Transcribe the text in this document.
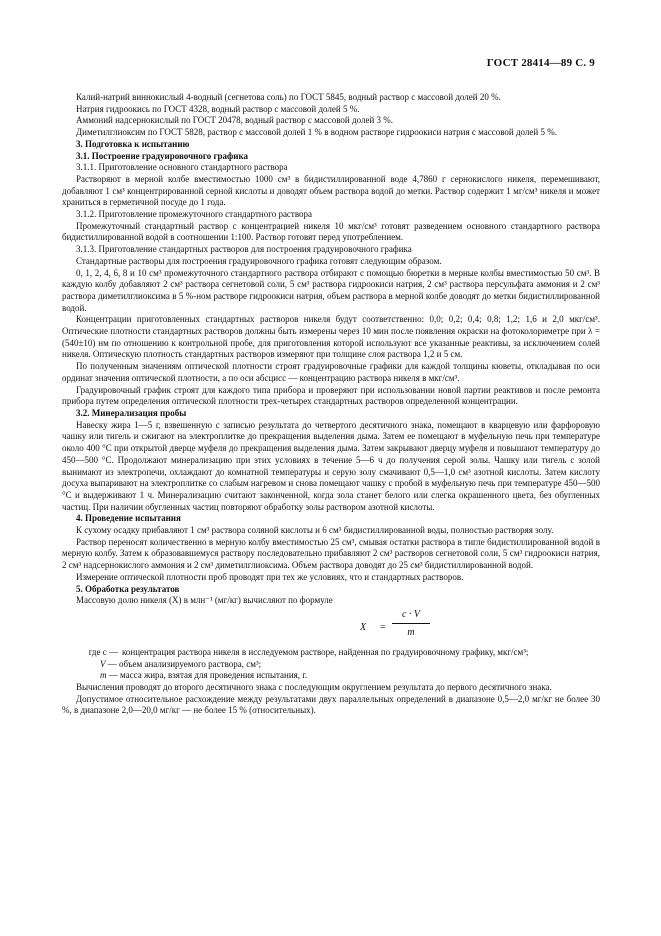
ГОСТ 28414—89 С. 9

Калий-натрий виннокислый 4-водный (сегнетова соль) по ГОСТ 5845, водный раствор с массовой долей 20 %.

Натрия гидроокись по ГОСТ 4328, водный раствор с массовой долей 5 %.

Аммоний надсернокислый по ГОСТ 20478, водный раствор с массовой долей 3 %.

Диметилглиоксим по ГОСТ 5828, раствор с массовой долей 1 % в водном растворе гидроокиси натрия с массовой долей 5 %.

3. Подготовка к испытанию

3.1. Построение градуировочного графика

3.1.1. Приготовление основного стандартного раствора

Растворяют в мерной колбе вместимостью 1000 см³ в бидистиллированной воде 4,7860 г сернокислого никеля, перемешивают, добавляют 1 см³ концентрированной серной кислоты и доводят объем раствора водой до метки. Раствор содержит 1 мг/см³ никеля и может храниться в герметичной посуде до 1 года.

3.1.2. Приготовление промежуточного стандартного раствора

Промежуточный стандартный раствор с концентрацией никеля 10 мкг/см³ готовят разведением основного стандартного раствора бидистиллированной водой в соотношении 1:100. Раствор готовят перед употреблением.

3.1.3. Приготовление стандартных растворов для построения градуировочного графика

Стандартные растворы для построения градуировочного графика готовят следующим образом.

0, 1, 2, 4, 6, 8 и 10 см³ промежуточного стандартного раствора отбирают с помощью бюретки в мерные колбы вместимостью 50 см³. В каждую колбу добавляют 2 см³ раствора сегнетовой соли, 5 см³ раствора гидроокиси натрия, 2 см³ раствора персульфата аммония и 2 см³ раствора диметилглиоксима в 5 %-ном растворе гидроокиси натрия, объем раствора в мерной колбе доводят до метки бидистиллированной водой.

Концентрации приготовленных стандартных растворов никеля будут соответственно: 0,0; 0,2; 0,4; 0,8; 1,2; 1,6 и 2,0 мкг/см³. Оптические плотности стандартных растворов должны быть измерены через 10 мин после появления окраски на фотоколориметре при λ =(540±10) нм по отношению к контрольной пробе, для приготовления которой используют все указанные реактивы, за исключением солей никеля. Оптическую плотность стандартных растворов измеряют при толщине слоя раствора 1,2 и 5 см.

По полученным значениям оптической плотности строят градуировочные графики для каждой толщины кюветы, откладывая по оси ординат значения оптической плотности, а по оси абсцисс — концентрацию раствора никеля в мкг/см³.

Градуировочный график строят для каждого типа прибора и проверяют при использовании новой партии реактивов и после ремонта прибора путем определения оптической плотности трех-четырех стандартных растворов определенной концентрации.

3.2. Минерализация пробы

Навеску жира 1—5 г, взвешенную с записью результата до четвертого десятичного знака, помещают в кварцевую или фарфоровую чашку или тигель и сжигают на электроплитке до прекращения выделения дыма. Затем ее помещают в муфельную печь при температуре около 400 °С при открытой дверце муфеля до прекращения выделения дыма. Затем закрывают дверцу муфеля и повышают температуру до 450—500 °С. Продолжают минерализацию при этих условиях в течение 5—6 ч до получения серой золы. Чашку или тигель с золой вынимают из электропечи, охлаждают до комнатной температуры и серую золу смачивают 0,5—1,0 см³ азотной кислоты. Затем кислоту досуха выпаривают на электроплитке со слабым нагревом и снова помещают чашку с пробой в муфельную печь при температуре 450—500 °С и выдерживают 1 ч. Минерализацию считают законченной, когда зола станет белого или слегка окрашенного цвета, без обугленных частиц. При наличии обугленных частиц повторяют обработку золы раствором азотной кислоты.

4. Проведение испытания

К сухому осадку прибавляют 1 см³ раствора соляной кислоты и 6 см³ бидистиллированной воды, полностью растворяя золу.

Раствор переносят количественно в мерную колбу вместимостью 25 см³, смывая остатки раствора в тигле бидистиллированной водой в мерную колбу. Затем к образовавшемуся раствору последовательно прибавляют 2 см³ растворов сегнетовой соли, 5 см³ гидроокиси натрия, 2 см³ надсернокислого аммония и 2 см³ диметилглиоксима. Объем раствора доводят до 25 см³ бидистиллированной водой.

Измерение оптической плотности проб проводят при тех же условиях, что и стандартных растворов.

5. Обработка результатов

Массовую долю никеля (X) в млн⁻¹ (мг/кг) вычисляют по формуле

X =
c · V
m
где c — концентрация раствора никеля в исследуемом растворе, найденная по градуировочному графику, мкг/см³;

V — объем анализируемого раствора, см³;

m — масса жира, взятая для проведения испытания, г.

Вычисления проводят до второго десятичного знака с последующим округлением результата до первого десятичного знака.

Допустимое относительное расхождение между результатами двух параллельных определений в диапазоне 0,5—2,0 мг/кг не более 30 %, в диапазоне 2,0—20,0 мг/кг — не более 15 % (относительных).
